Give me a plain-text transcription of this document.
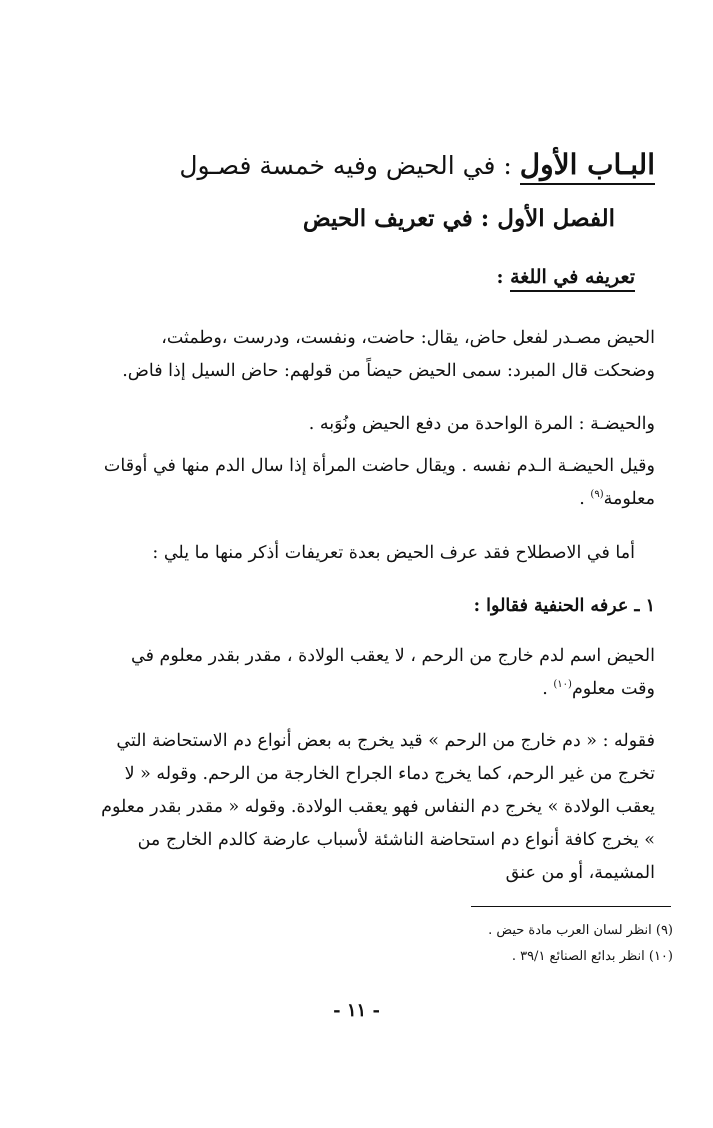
البـاب الأول : في الحيض وفيه خمسة فصـول
الفصل الأول : في تعريف الحيض
تعريفه في اللغة :

الحيض مصـدر لفعل حاض، يقال: حاضت، ونفست، ودرست ،وطمثت، وضحكت قال المبرد: سمى الحيض حيضاً من قولهم: حاض السيل إذا فاض.

والحيضـة : المرة الواحدة من دفع الحيض ونُوَبه .

وقيل الحيضـة الـدم نفسه . ويقال حاضت المرأة إذا سال الدم منها في أوقات معلومة$^{(٩)}$ .

أما في الاصطلاح فقد عرف الحيض بعدة تعريفات أذكر منها ما يلي :

١ ـ عرفه الحنفية فقالوا :

الحيض اسم لدم خارج من الرحم ، لا يعقب الولادة ، مقدر بقدر معلوم في وقت معلوم$^{(١٠)}$ .

فقوله : « دم خارج من الرحم » قيد يخرج به بعض أنواع دم الاستحاضة التي تخرج من غير الرحم، كما يخرج دماء الجراح الخارجة من الرحم. وقوله « لا يعقب الولادة » يخرج دم النفاس فهو يعقب الولادة. وقوله « مقدر بقدر معلوم » يخرج كافة أنواع دم استحاضة الناشئة لأسباب عارضة كالدم الخارج من المشيمة، أو من عنق

(٩) انظر لسان العرب مادة حيض .
(١٠) انظر بدائع الصنائع ٣٩/١ .
- ١١ -
